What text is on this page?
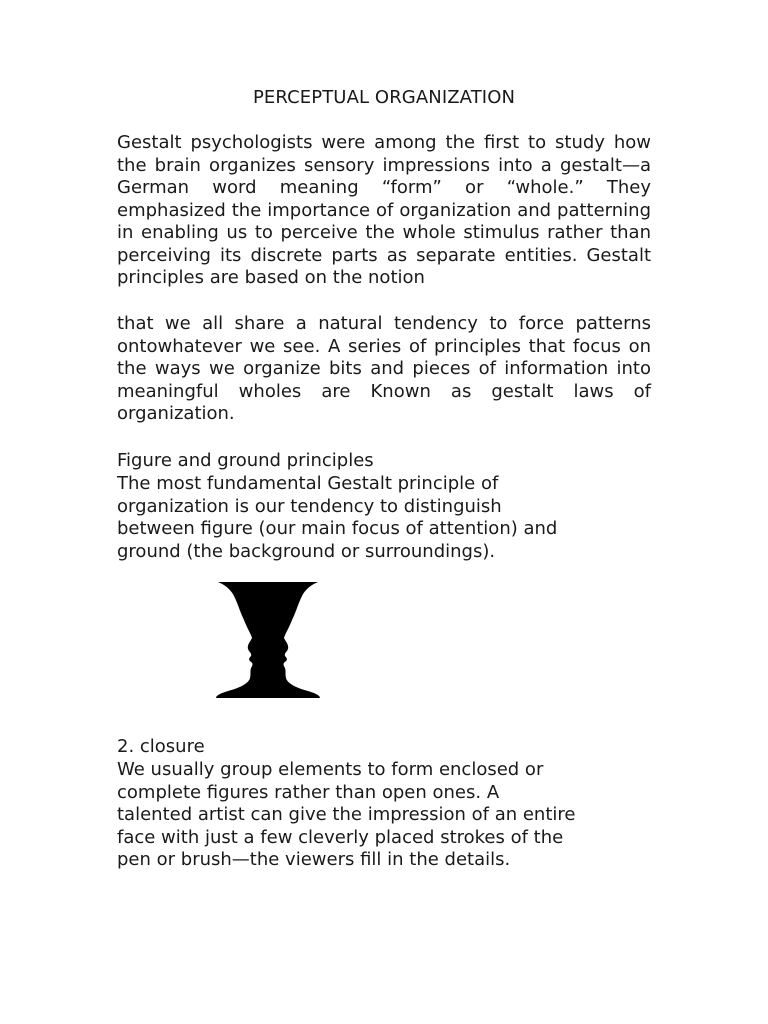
PERCEPTUAL ORGANIZATION

Gestalt psychologists were among the first to study how the brain organizes sensory impressions into a gestalt—a German word meaning “form” or “whole.” They emphasized the importance of organization and patterning in enabling us to perceive the whole stimulus rather than perceiving its discrete parts as separate entities. Gestalt principles are based on the notion

that we all share a natural tendency to force patterns ontowhatever we see. A series of principles that focus on the ways we organize bits and pieces of information into meaningful wholes are Known as gestalt laws of organization.

Figure and ground principles
The most fundamental Gestalt principle of
organization is our tendency to distinguish
between figure (our main focus of attention) and
ground (the background or surroundings).
2. closure
We usually group elements to form enclosed or
complete figures rather than open ones. A
talented artist can give the impression of an entire
face with just a few cleverly placed strokes of the
pen or brush—the viewers fill in the details.
